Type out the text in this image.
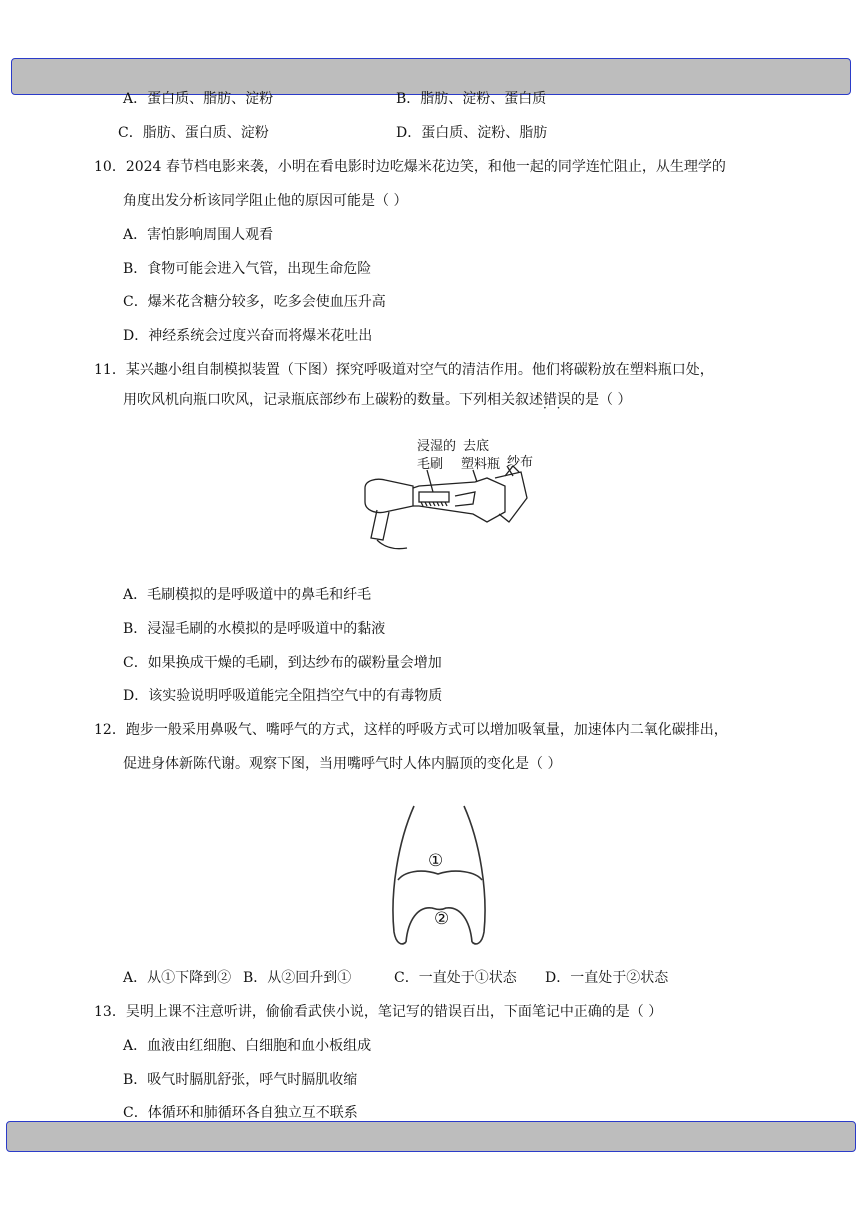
A．蛋白质、脂肪、淀粉	B．脂肪、淀粉、蛋白质
C．脂肪、蛋白质、淀粉	D．蛋白质、淀粉、脂肪
10．2024 春节档电影来袭，小明在看电影时边吃爆米花边笑，和他一起的同学连忙阻止，从生理学的
角度出发分析该同学阻止他的原因可能是（ ）
A．害怕影响周围人观看
B．食物可能会进入气管，出现生命危险
C．爆米花含糖分较多，吃多会使血压升高
D．神经系统会过度兴奋而将爆米花吐出
11．某兴趣小组自制模拟装置（下图）探究呼吸道对空气的清洁作用。他们将碳粉放在塑料瓶口处，
用吹风机向瓶口吹风，记录瓶底部纱布上碳粉的数量。下列相关叙述错误 · ·的是（ ）
浸湿的
毛刷
去底
塑料瓶 纱布
A．毛刷模拟的是呼吸道中的鼻毛和纤毛
B．浸湿毛刷的水模拟的是呼吸道中的黏液
C．如果换成干燥的毛刷，到达纱布的碳粉量会增加
D．该实验说明呼吸道能完全阻挡空气中的有毒物质
12．跑步一般采用鼻吸气、嘴呼气的方式，这样的呼吸方式可以增加吸氧量，加速体内二氧化碳排出，
促进身体新陈代谢。观察下图，当用嘴呼气时人体内膈顶的变化是（ ）
①
②
A．从①下降到② B．从②回升到①	C．一直处于①状态 D．一直处于②状态
13．吴明上课不注意听讲，偷偷看武侠小说，笔记写的错误百出，下面笔记中正确的是（ ）
A．血液由红细胞、白细胞和血小板组成
B．吸气时膈肌舒张，呼气时膈肌收缩
C．体循环和肺循环各自独立互不联系
